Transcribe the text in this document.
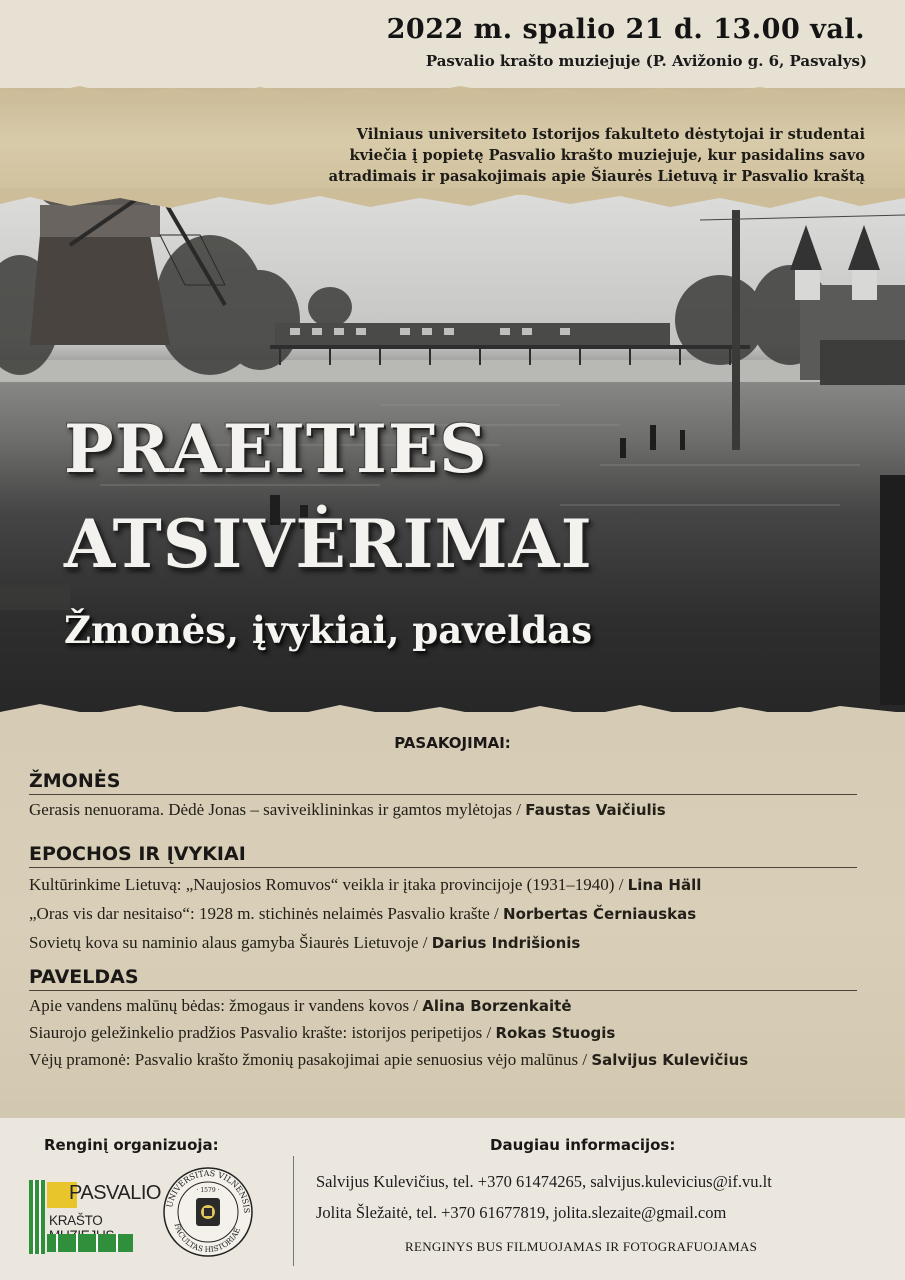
2022 m. spalio 21 d. 13.00 val.
Pasvalio krašto muziejuje (P. Avižonio g. 6, Pasvalys)
Vilniaus universiteto Istorijos fakulteto dėstytojai ir studentai
kviečia į popietę Pasvalio krašto muziejuje, kur pasidalins savo
atradimais ir pasakojimais apie Šiaurės Lietuvą ir Pasvalio kraštą
PRAEITIES
ATSIVĖRIMAI
Žmonės, įvykiai, paveldas
PASAKOJIMAI:
ŽMONĖS
Gerasis nenuorama. Dėdė Jonas – saviveiklininkas ir gamtos mylėtojas / Faustas Vaičiulis
EPOCHOS IR ĮVYKIAI
Kultūrinkime Lietuvą: „Naujosios Romuvos“ veikla ir įtaka provincijoje (1931–1940) / Lina Häll
„Oras vis dar nesitaiso“: 1928 m. stichinės nelaimės Pasvalio krašte / Norbertas Černiauskas
Sovietų kova su naminio alaus gamyba Šiaurės Lietuvoje / Darius Indrišionis
PAVELDAS
Apie vandens malūnų bėdas: žmogaus ir vandens kovos / Alina Borzenkaitė
Siaurojo geležinkelio pradžios Pasvalio krašte: istorijos peripetijos / Rokas Stuogis
Vėjų pramonė: Pasvalio krašto žmonių pasakojimai apie senuosius vėjo malūnus / Salvijus Kulevičius
Renginį organizuoja:	Daugiau informacijos:
PASVALIO
KRAŠTO
UNIVERSITAS VILNENSIS
FACULTAS HISTORIAE
· 1579 ·	Salvijus Kulevičius, tel. +370 61474265, salvijus.kulevicius@if.vu.lt
Jolita Šležaitė, tel. +370 61677819, jolita.slezaite@gmail.com
RENGINYS BUS FILMUOJAMAS IR FOTOGRAFUOJAMAS
